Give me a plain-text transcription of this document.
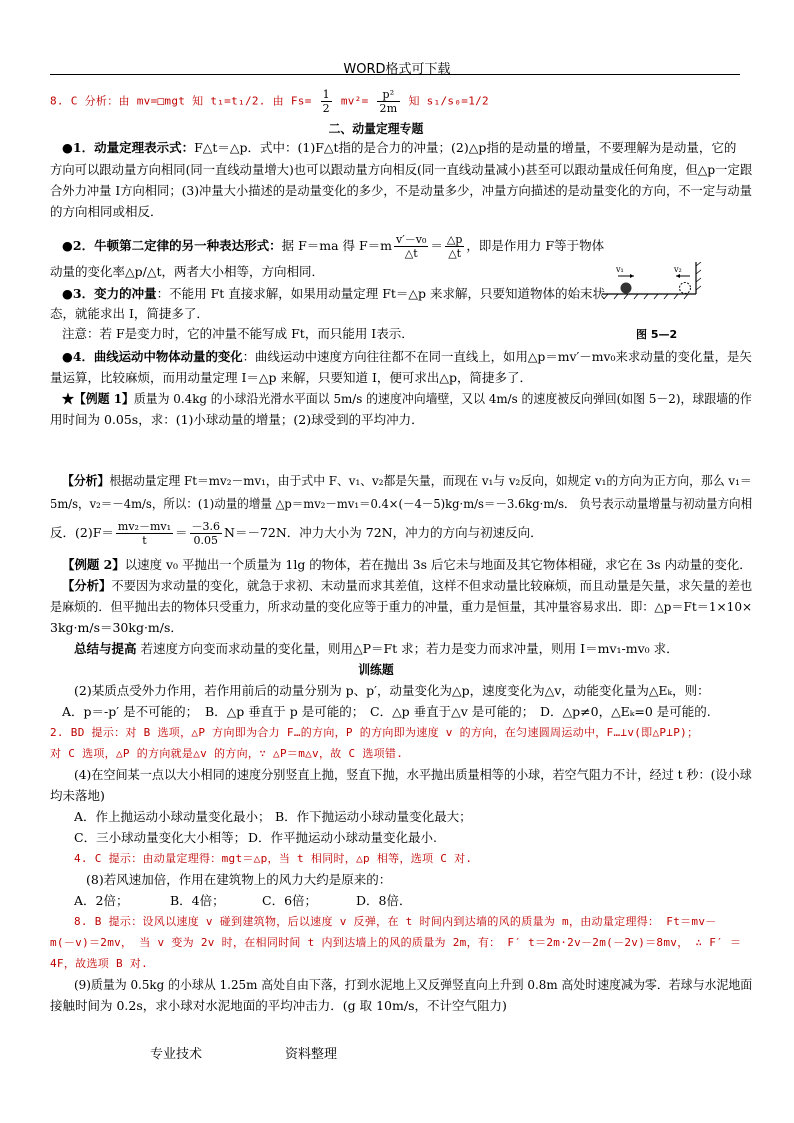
WORD格式可下载
8. C 分析：由 mv=□mgt 知 t₁=t₁/2. 由 $Fs= \frac{1}{2} mv^2= \frac{\text{p²}}{2m}$ 知 s₁/s₀=1/2
二、动量定理专题
●1．动量定理表示式：F△t＝△p．式中：(1)F△t指的是合力的冲量；(2)△p指的是动量的增量，不要理解为是动量，它的
方向可以跟动量方向相同(同一直线动量增大)也可以跟动量方向相反(同一直线动量减小)甚至可以跟动量成任何角度，但△p一定跟
合外力冲量 I方向相同；(3)冲量大小描述的是动量变化的多少，不是动量多少，冲量方向描述的是动量变化的方向，不一定与动量
的方向相同或相反．
●2．牛顿第二定律的另一种表达形式：据 F＝ma 得 $F=m \frac{\text{v′－v₀}}{\triangle t} = \frac{\triangle p}{\triangle t}$ ，即是作用力 F等于物体
动量的变化率△p/△t，两者大小相等，方向相同．
●3．变力的冲量：不能用 Ft 直接求解，如果用动量定理 Ft＝△p 来求解，只要知道物体的始末状
态，就能求出 I，简捷多了．
注意：若 F是变力时，它的冲量不能写成 Ft，而只能用 I表示．
v₁	v₂
图 5—2
●4．曲线运动中物体动量的变化：曲线运动中速度方向往往都不在同一直线上，如用△p＝mv′－mv₀来求动量的变化量，是矢
量运算，比较麻烦，而用动量定理 I＝△p 来解，只要知道 I，便可求出△p，简捷多了．
★【例题 1】质量为 0.4kg 的小球沿光滑水平面以 5m/s 的速度冲向墙壁，又以 4m/s 的速度被反向弹回(如图 5－2)，球跟墙的作
用时间为 0.05s，求：(1)小球动量的增量；(2)球受到的平均冲力．
【分析】根据动量定理 Ft＝mv₂－mv₁，由于式中 F、v₁、v₂都是矢量，而现在 v₁与 v₂反向，如规定 v₁的方向为正方向，那么 v₁＝
5m/s，v₂＝－4m/s，所以：(1)动量的增量 △p＝mv₂－mv₁＝0.4×(－4－5)kg·m/s＝－3.6kg·m/s． 负号表示动量增量与初动量方向相
反．$(2)F= \frac{\text{mv₂－mv₁}}{t} = \frac{-3.6}{0.05} N=-72N$．冲力大小为 72N，冲力的方向与初速反向．
【例题 2】以速度 v₀ 平抛出一个质量为 1lg 的物体，若在抛出 3s 后它未与地面及其它物体相碰，求它在 3s 内动量的变化．
【分析】不要因为求动量的变化，就急于求初、末动量而求其差值，这样不但求动量比较麻烦，而且动量是矢量，求矢量的差也
是麻烦的．但平抛出去的物体只受重力，所求动量的变化应等于重力的冲量，重力是恒量，其冲量容易求出．即：△p＝Ft＝1×10×
3kg·m/s＝30kg·m/s．
总结与提高 若速度方向变而求动量的变化量，则用△P＝Ft 求；若力是变力而求冲量，则用 I＝mv₁-mv₀ 求．
训练题
(2)某质点受外力作用，若作用前后的动量分别为 p、p′，动量变化为△p，速度变化为△v，动能变化量为△Eₖ，则：
A．p＝-p′ 是不可能的； B．△p 垂直于 p 是可能的； C．△p 垂直于△v 是可能的； D．△p≠0，△Eₖ=0 是可能的.
2. BD 提示：对 B 选项，△P 方向即为合力 F…的方向，P 的方向即为速度 v 的方向，在匀速圆周运动中，F…⊥v(即△P⊥P)；
对 C 选项，△P 的方向就是△v 的方向，∵ △P＝m△v，故 C 选项错.
(4)在空间某一点以大小相同的速度分别竖直上抛，竖直下抛，水平抛出质量相等的小球，若空气阻力不计，经过 t 秒：(设小球
均未落地)
A．作上抛运动小球动量变化最小； B．作下抛运动小球动量变化最大；
C．三小球动量变化大小相等； D．作平抛运动小球动量变化最小.
4. C 提示：由动量定理得：mgt＝△p，当 t 相同时，△p 相等，选项 C 对.
(8)若风速加倍，作用在建筑物上的风力大约是原来的：
A．2倍；	B．4倍；	C．6倍；	D．8倍．
8. B 提示：设风以速度 v 碰到建筑物，后以速度 v 反弹，在 t 时间内到达墙的风的质量为 m，由动量定理得： Ft＝mv－
m(－v)＝2mv， 当 v 变为 2v 时，在相同时间 t 内到达墙上的风的质量为 2m，有： F′ t＝2m·2v－2m(－2v)＝8mv， ∴ F′ ＝
4F，故选项 B 对.
(9)质量为 0.5kg 的小球从 1.25m 高处自由下落，打到水泥地上又反弹竖直向上升到 0.8m 高处时速度减为零．若球与水泥地面
接触时间为 0.2s，求小球对水泥地面的平均冲击力．(g 取 10m/s，不计空气阻力)
专业技术	资料整理
